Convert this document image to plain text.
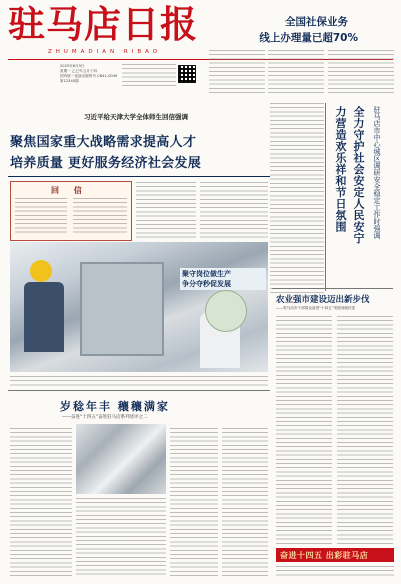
驻马店日报
ZHUMADIAN RIBAO
全国社保业务
线上办理量已超70%
2025年6月9日
星期一 乙巳年五月十四
国内统一连续出版物号 CN41-0049
第12345期
习近平给天津大学全体师生回信强调
聚焦国家重大战略需求提高人才
培养质量 更好服务经济社会发展
回 信
聚守岗位做生产
争分夺秒促发展
全力守护社会安定人民安宁
力营造欢乐祥和节日氛围	驻马店市中心城区调研安全稳定工作时强调
农业强市建设迈出新步伐
——驻马店市干部群众奋进“十四五”发展成就综述
岁稔年丰 穰穰满家
——奋进“十四五”奋进驻马店系列述评之二
奋进十四五 出彩驻马店
